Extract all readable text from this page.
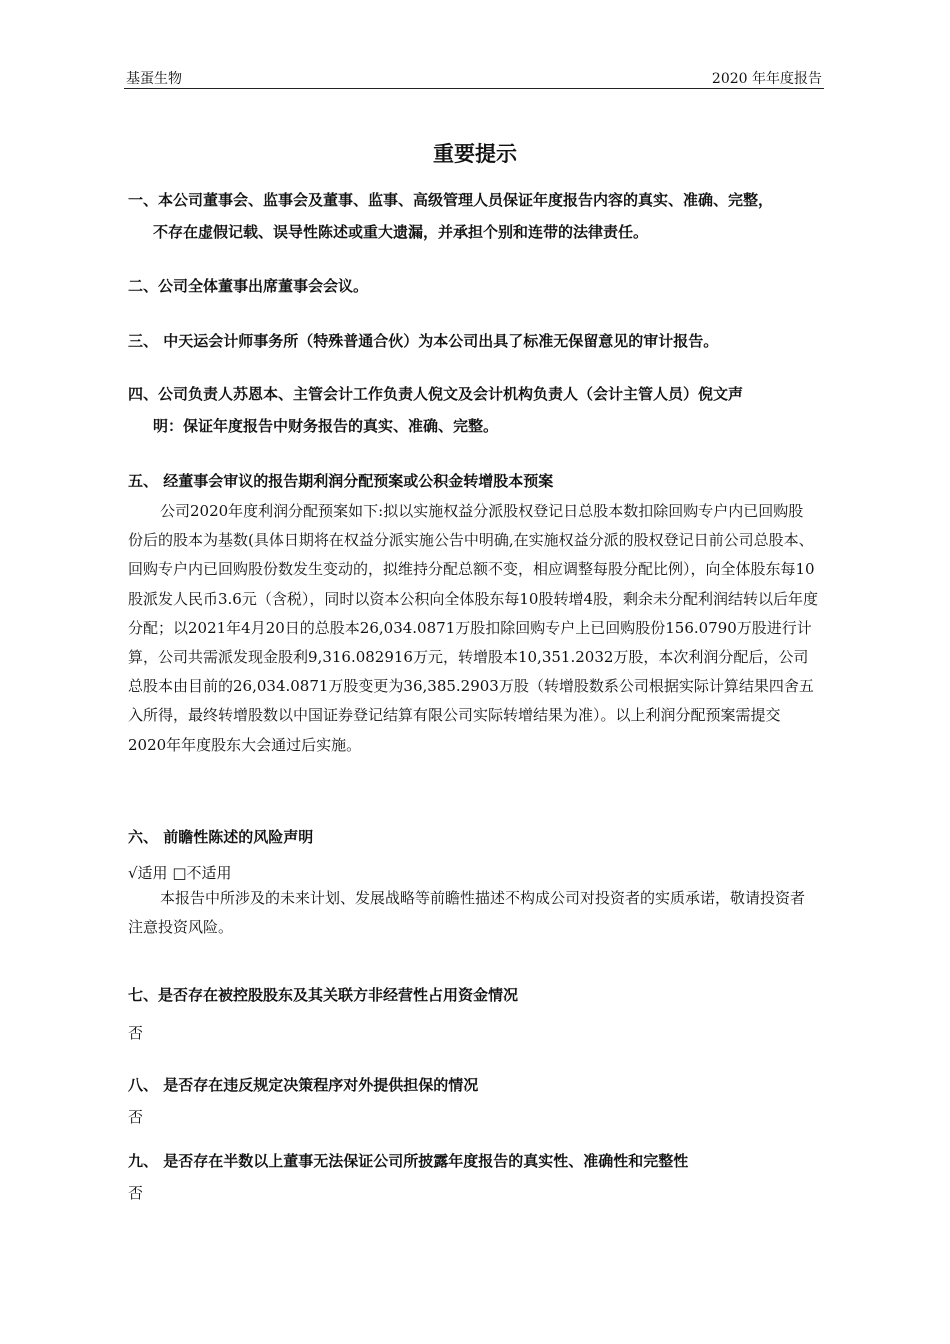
基蛋生物	2020 年年度报告
重要提示
一、本公司董事会、监事会及董事、监事、高级管理人员保证年度报告内容的真实、准确、完整，
不存在虚假记载、误导性陈述或重大遗漏，并承担个别和连带的法律责任。
二、公司全体董事出席董事会会议。
三、 中天运会计师事务所（特殊普通合伙）为本公司出具了标准无保留意见的审计报告。
四、公司负责人苏恩本、主管会计工作负责人倪文及会计机构负责人（会计主管人员）倪文声
明：保证年度报告中财务报告的真实、准确、完整。
五、 经董事会审议的报告期利润分配预案或公积金转增股本预案
公司2020年度利润分配预案如下:拟以实施权益分派股权登记日总股本数扣除回购专户内已回购股份后的股本为基数(具体日期将在权益分派实施公告中明确,在实施权益分派的股权登记日前公司总股本、回购专户内已回购股份数发生变动的，拟维持分配总额不变，相应调整每股分配比例），向全体股东每10股派发人民币3.6元（含税），同时以资本公积向全体股东每10股转增4股，剩余未分配利润结转以后年度分配；以2021年4月20日的总股本26,034.0871万股扣除回购专户上已回购股份156.0790万股进行计算，公司共需派发现金股利9,316.082916万元，转增股本10,351.2032万股，本次利润分配后，公司总股本由目前的26,034.0871万股变更为36,385.2903万股（转增股数系公司根据实际计算结果四舍五入所得，最终转增股数以中国证券登记结算有限公司实际转增结果为准）。以上利润分配预案需提交2020年年度股东大会通过后实施。
六、 前瞻性陈述的风险声明
√适用 □不适用
本报告中所涉及的未来计划、发展战略等前瞻性描述不构成公司对投资者的实质承诺，敬请投资者注意投资风险。
七、是否存在被控股股东及其关联方非经营性占用资金情况
否
八、 是否存在违反规定决策程序对外提供担保的情况
否
九、 是否存在半数以上董事无法保证公司所披露年度报告的真实性、准确性和完整性
否
